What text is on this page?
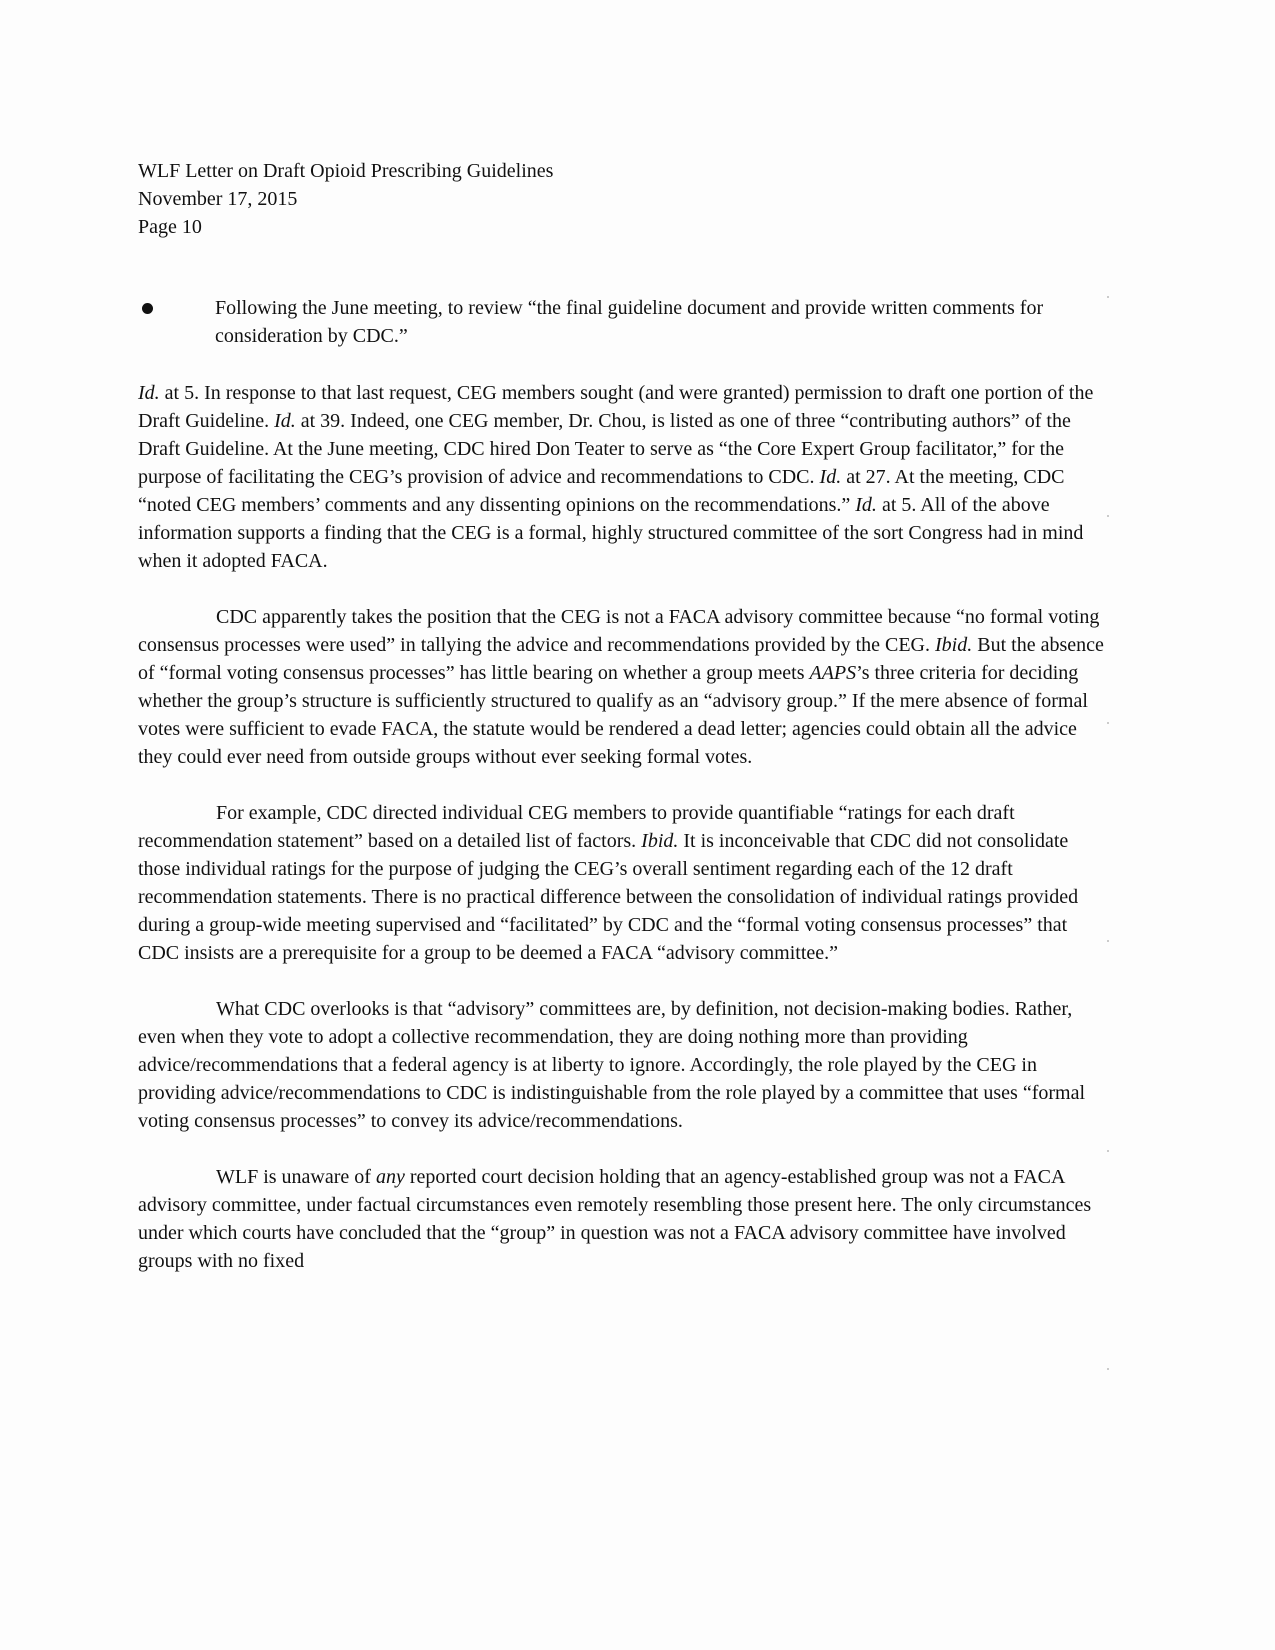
WLF Letter on Draft Opioid Prescribing Guidelines
November 17, 2015
Page 10
Following the June meeting, to review “the final guideline document and provide written comments for consideration by CDC.”

Id. at 5. In response to that last request, CEG members sought (and were granted) permission to draft one portion of the Draft Guideline. Id. at 39. Indeed, one CEG member, Dr. Chou, is listed as one of three “contributing authors” of the Draft Guideline. At the June meeting, CDC hired Don Teater to serve as “the Core Expert Group facilitator,” for the purpose of facilitating the CEG’s provision of advice and recommendations to CDC. Id. at 27. At the meeting, CDC “noted CEG members’ comments and any dissenting opinions on the recommendations.” Id. at 5. All of the above information supports a finding that the CEG is a formal, highly structured committee of the sort Congress had in mind when it adopted FACA.

CDC apparently takes the position that the CEG is not a FACA advisory committee because “no formal voting consensus processes were used” in tallying the advice and recommendations provided by the CEG. Ibid. But the absence of “formal voting consensus processes” has little bearing on whether a group meets AAPS’s three criteria for deciding whether the group’s structure is sufficiently structured to qualify as an “advisory group.” If the mere absence of formal votes were sufficient to evade FACA, the statute would be rendered a dead letter; agencies could obtain all the advice they could ever need from outside groups without ever seeking formal votes.

For example, CDC directed individual CEG members to provide quantifiable “ratings for each draft recommendation statement” based on a detailed list of factors. Ibid. It is inconceivable that CDC did not consolidate those individual ratings for the purpose of judging the CEG’s overall sentiment regarding each of the 12 draft recommendation statements. There is no practical difference between the consolidation of individual ratings provided during a group-wide meeting supervised and “facilitated” by CDC and the “formal voting consensus processes” that CDC insists are a prerequisite for a group to be deemed a FACA “advisory committee.”

What CDC overlooks is that “advisory” committees are, by definition, not decision-making bodies. Rather, even when they vote to adopt a collective recommendation, they are doing nothing more than providing advice/recommendations that a federal agency is at liberty to ignore. Accordingly, the role played by the CEG in providing advice/recommendations to CDC is indistinguishable from the role played by a committee that uses “formal voting consensus processes” to convey its advice/recommendations.

WLF is unaware of any reported court decision holding that an agency-established group was not a FACA advisory committee, under factual circumstances even remotely resembling those present here. The only circumstances under which courts have concluded that the “group” in question was not a FACA advisory committee have involved groups with no fixed
